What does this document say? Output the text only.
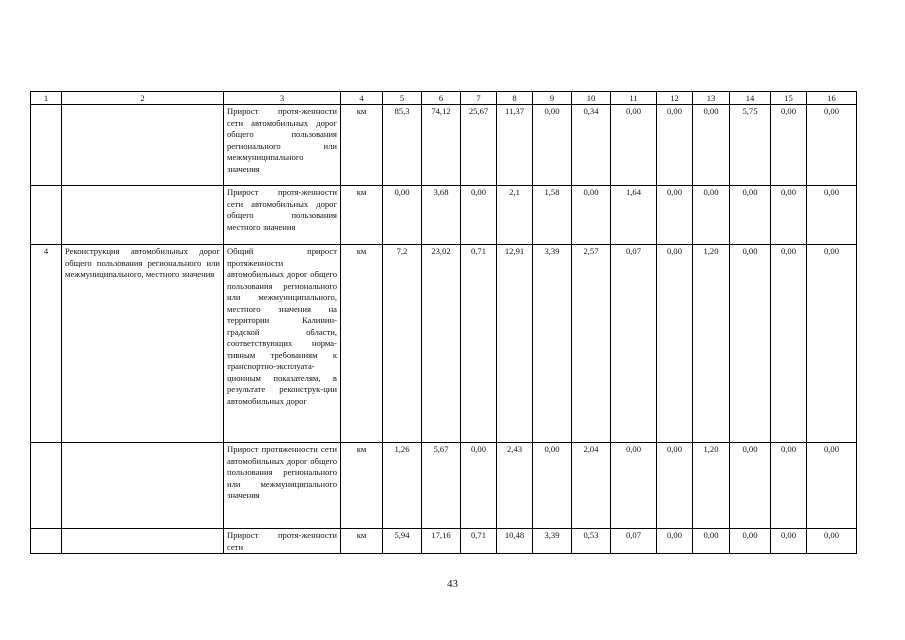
1	2	3	4	5	6	7	8	9	10	11	12	13	14	15	16
		Прирост протя-женности сети автомобильных дорог общего пользования регионального или межмуниципального значения	км	85,3	74,12	25,67	11,37	0,00	0,34	0,00	0,00	0,00	5,75	0,00	0,00
		Прирост протя-женности сети автомобильных дорог общего пользования местного значения	км	0,00	3,68	0,00	2,1	1,58	0,00	1,64	0,00	0,00	0,00	0,00	0,00
4	Реконструкция автомобильных дорог общего пользования регионального или межмуниципального, местного значения	Общий прирост протяженности автомобильных дорог общего пользования регионального или межмуниципального, местного значения на территории Калинин-градской области, соответствующих норма-тивным требованиям к транспортно-эксплуата-ционным показателям, в результате реконструк-ции автомобильных дорог	км	7,2	23,02	0,71	12,91	3,39	2,57	0,07	0,00	1,20	0,00	0,00	0,00
		Прирост протяженности сети автомобильных дорог общего пользования регионального или межмуниципального значения	км	1,26	5,67	0,00	2,43	0,00	2,04	0,00	0,00	1,20	0,00	0,00	0,00
		Прирост протя-женности сети	км	5,94	17,16	0,71	10,48	3,39	0,53	0,07	0,00	0,00	0,00	0,00	0,00
43
